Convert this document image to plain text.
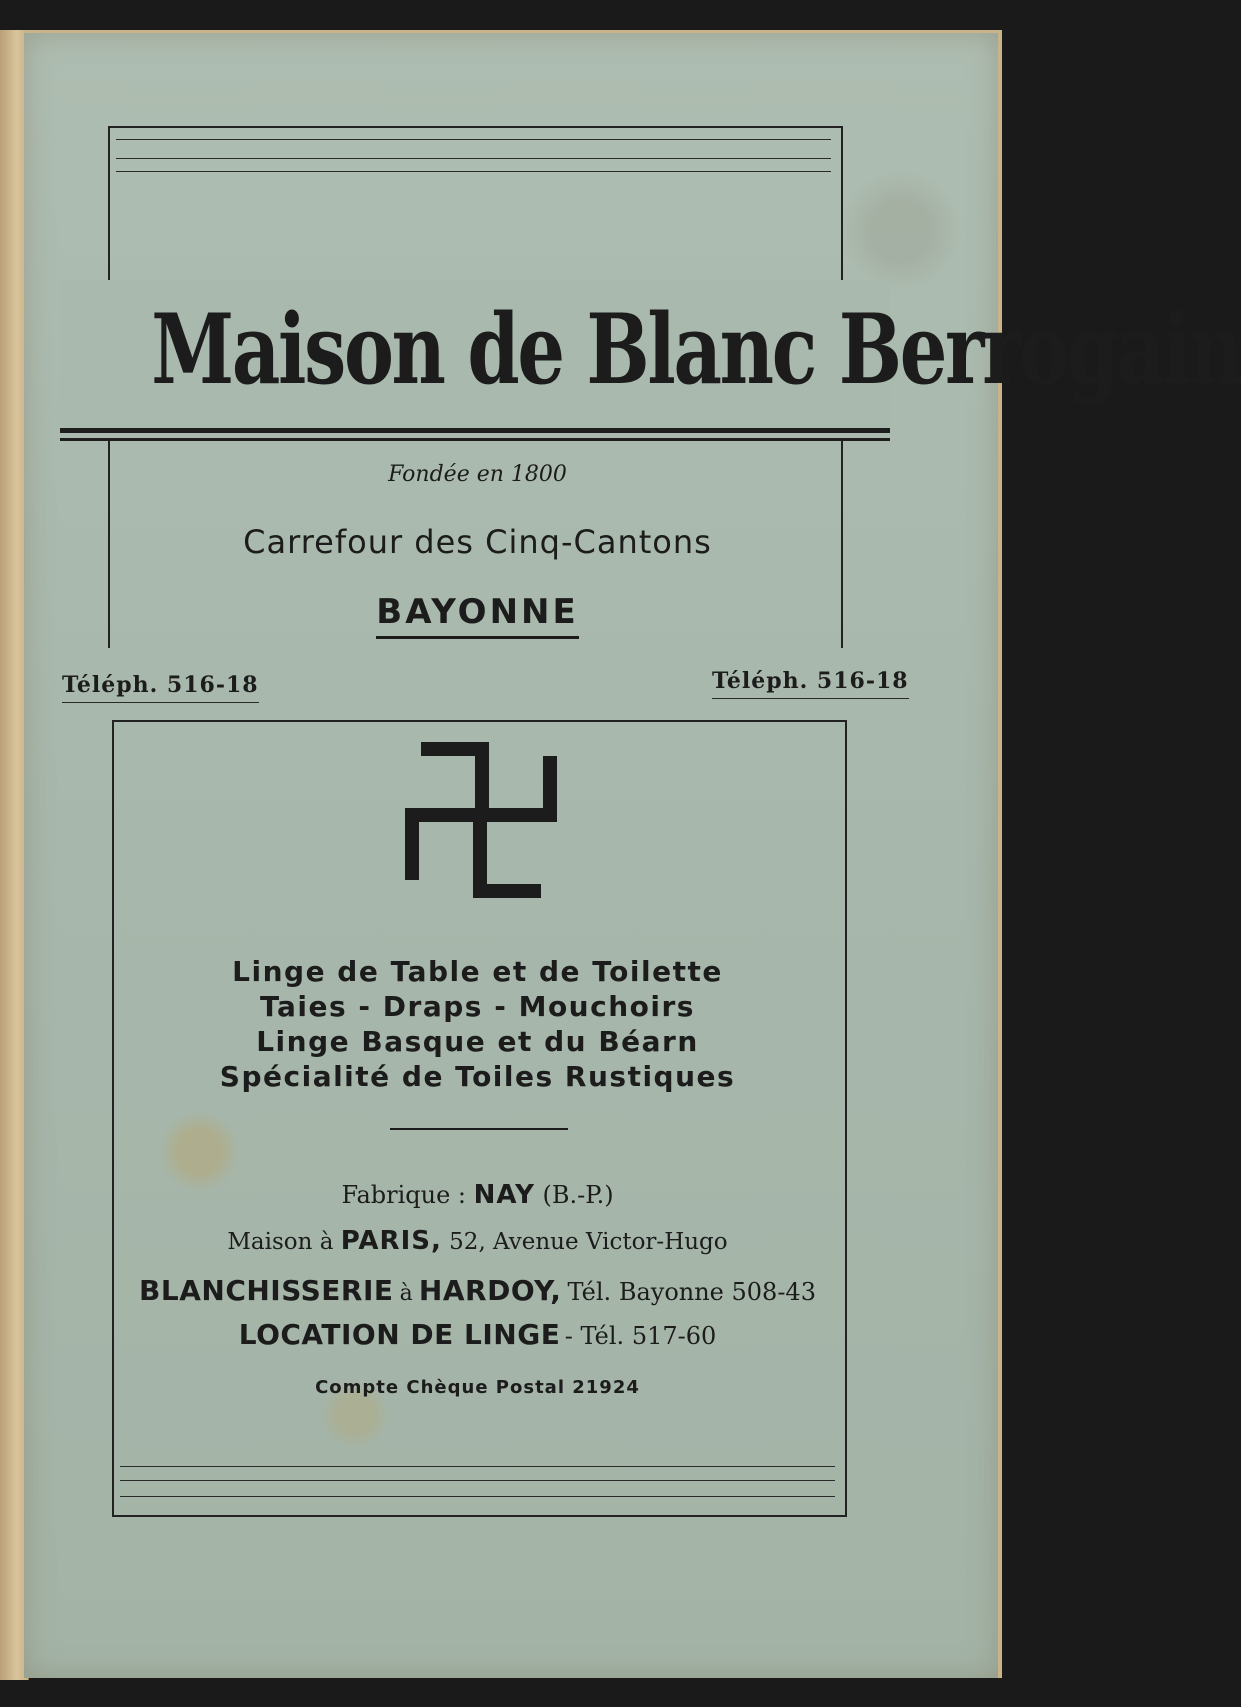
Maison de Blanc Berrogain
Fondée en 1800
Carrefour des Cinq-Cantons
BAYONNE
Téléph. 516-18	Téléph. 516-18
Linge de Table et de Toilette
Taies - Draps - Mouchoirs
Linge Basque et du Béarn
Spécialité de Toiles Rustiques
Fabrique : NAY (B.-P.)
Maison à PARIS, 52, Avenue Victor-Hugo
BLANCHISSERIE à HARDOY, Tél. Bayonne 508-43
LOCATION DE LINGE - Tél. 517-60
Compte Chèque Postal 21924
